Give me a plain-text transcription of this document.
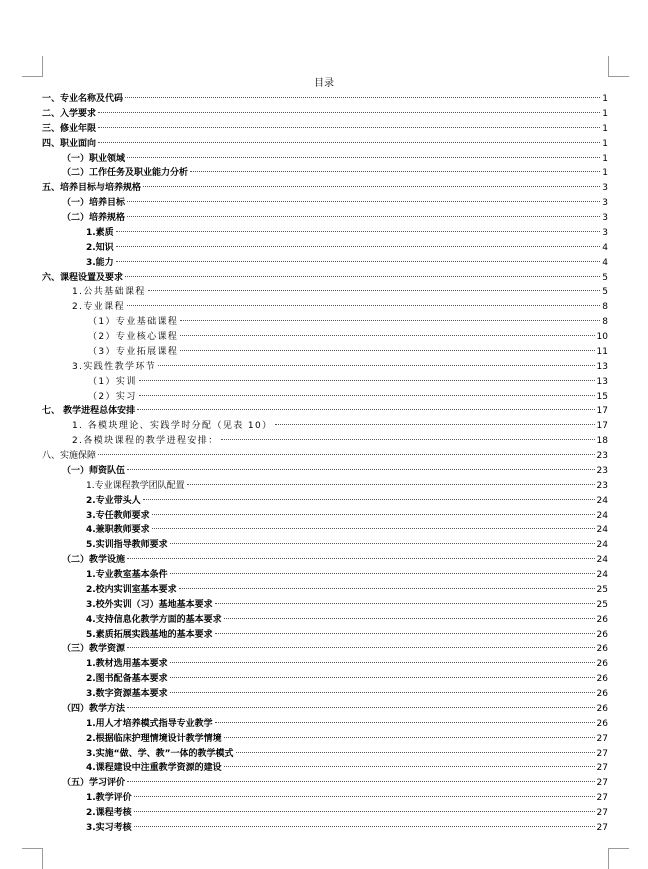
目录
一、专业名称及代码	1
二、入学要求	1
三、修业年限	1
四、职业面向	1
（一）职业领域	1
（二）工作任务及职业能力分析	1
五、培养目标与培养规格	3
（一）培养目标	3
（二）培养规格	3
1.素质	3
2.知识	4
3.能力	4
六、课程设置及要求	5
1.公共基础课程	5
2.专业课程	8
（1）专业基础课程	8
（2）专业核心课程	10
（3）专业拓展课程	11
3.实践性教学环节	13
（1）实训	13
（2）实习	15
七、 教学进程总体安排	17
1. 各模块理论、实践学时分配（见表 10）	17
2.各模块课程的教学进程安排：	18
八、实施保障	23
（一）师资队伍	23
1.专业课程教学团队配置	23
2.专业带头人	24
3.专任教师要求	24
4.兼职教师要求	24
5.实训指导教师要求	24
（二）教学设施	24
1.专业教室基本条件	24
2.校内实训室基本要求	25
3.校外实训（习）基地基本要求	25
4.支持信息化教学方面的基本要求	26
5.素质拓展实践基地的基本要求	26
（三）教学资源	26
1.教材选用基本要求	26
2.图书配备基本要求	26
3.数字资源基本要求	26
（四）教学方法	26
1.用人才培养模式指导专业教学	26
2.根据临床护理情境设计教学情境	27
3.实施“做、学、教”一体的教学模式	27
4.课程建设中注重教学资源的建设	27
（五）学习评价	27
1.教学评价	27
2.课程考核	27
3.实习考核	27
